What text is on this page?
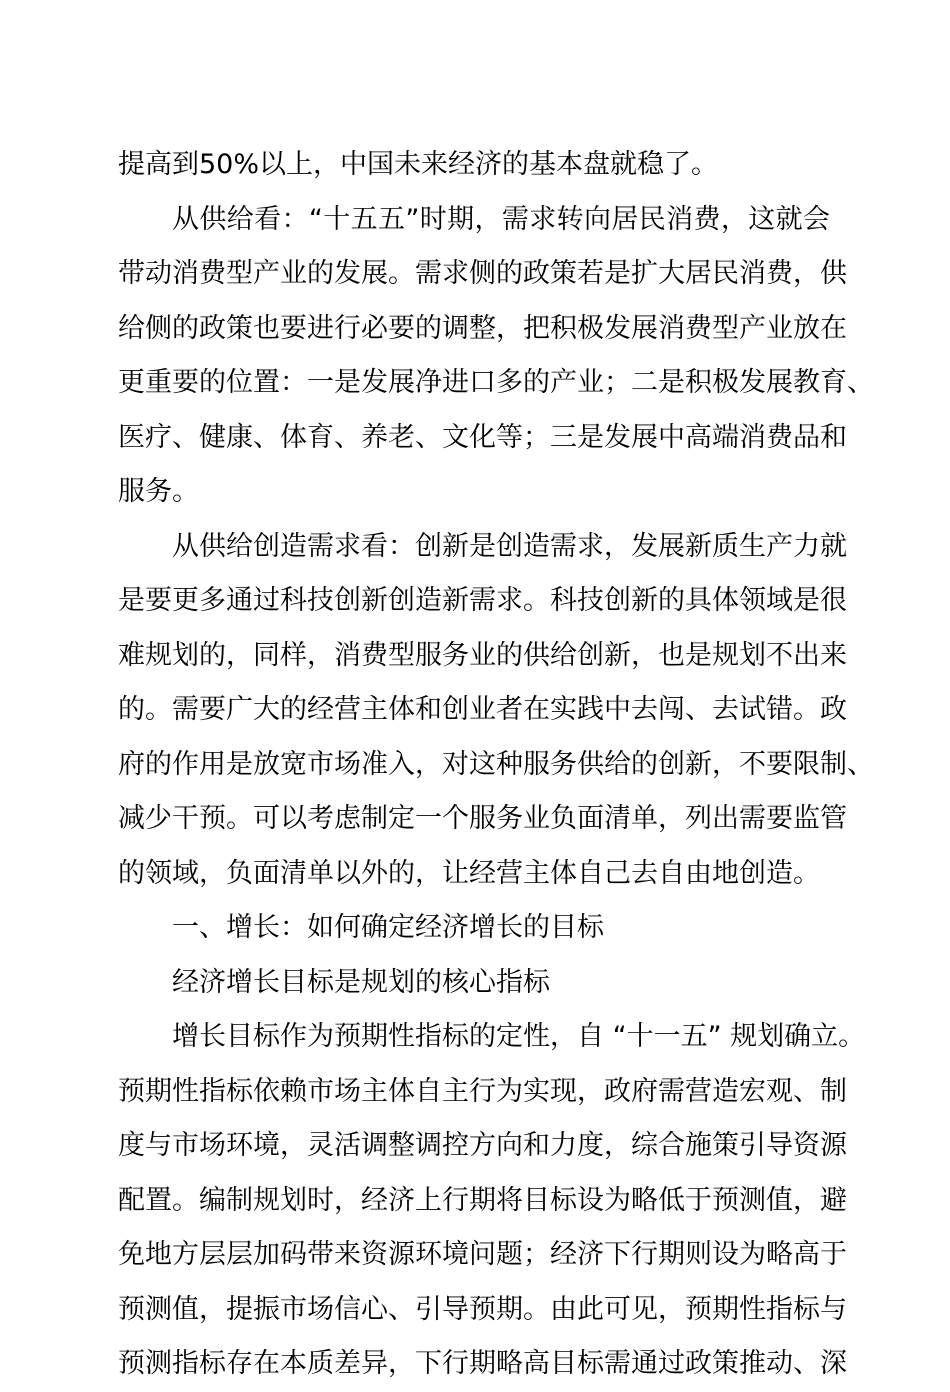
提高到50%以上，中国未来经济的基本盘就稳了。
从供给看：“十五五”时期，需求转向居民消费，这就会
带动消费型产业的发展。需求侧的政策若是扩大居民消费，供
给侧的政策也要进行必要的调整，把积极发展消费型产业放在
更重要的位置：一是发展净进口多的产业；二是积极发展教育、
医疗、健康、体育、养老、文化等；三是发展中高端消费品和
服务。
从供给创造需求看：创新是创造需求，发展新质生产力就
是要更多通过科技创新创造新需求。科技创新的具体领域是很
难规划的，同样，消费型服务业的供给创新，也是规划不出来
的。需要广大的经营主体和创业者在实践中去闯、去试错。政
府的作用是放宽市场准入，对这种服务供给的创新，不要限制、
减少干预。可以考虑制定一个服务业负面清单，列出需要监管
的领域，负面清单以外的，让经营主体自己去自由地创造。
一、增长：如何确定经济增长的目标
经济增长目标是规划的核心指标
增长目标作为预期性指标的定性，自 “十一五” 规划确立。
预期性指标依赖市场主体自主行为实现，政府需营造宏观、制
度与市场环境，灵活调整调控方向和力度，综合施策引导资源
配置。编制规划时，经济上行期将目标设为略低于预测值，避
免地方层层加码带来资源环境问题；经济下行期则设为略高于
预测值，提振市场信心、引导预期。由此可见，预期性指标与
预测指标存在本质差异，下行期略高目标需通过政策推动、深
